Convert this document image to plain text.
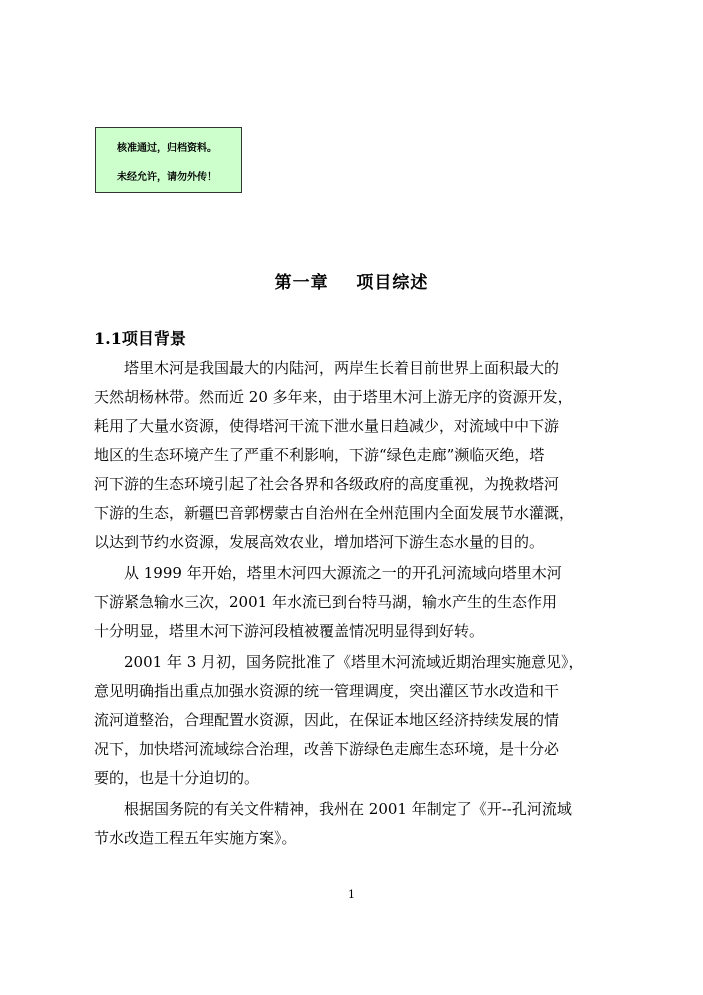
核准通过，归档资料。
未经允许，请勿外传！
第一章    项目综述
1.1项目背景
塔里木河是我国最大的内陆河，两岸生长着目前世界上面积最大的
天然胡杨林带。然而近 20 多年来，由于塔里木河上游无序的资源开发，
耗用了大量水资源，使得塔河干流下泄水量日趋减少，对流域中中下游
地区的生态环境产生了严重不利影响，下游“绿色走廊”濒临灭绝，塔
河下游的生态环境引起了社会各界和各级政府的高度重视，为挽救塔河
下游的生态，新疆巴音郭楞蒙古自治州在全州范围内全面发展节水灌溉，
以达到节约水资源，发展高效农业，增加塔河下游生态水量的目的。
从 1999 年开始，塔里木河四大源流之一的开孔河流域向塔里木河
下游紧急输水三次，2001 年水流已到台特马湖，输水产生的生态作用
十分明显，塔里木河下游河段植被覆盖情况明显得到好转。
2001 年 3 月初，国务院批准了《塔里木河流域近期治理实施意见》，
意见明确指出重点加强水资源的统一管理调度，突出灌区节水改造和干
流河道整治，合理配置水资源，因此，在保证本地区经济持续发展的情
况下，加快塔河流域综合治理，改善下游绿色走廊生态环境，是十分必
要的，也是十分迫切的。
根据国务院的有关文件精神，我州在 2001 年制定了《开--孔河流域
节水改造工程五年实施方案》。
1
